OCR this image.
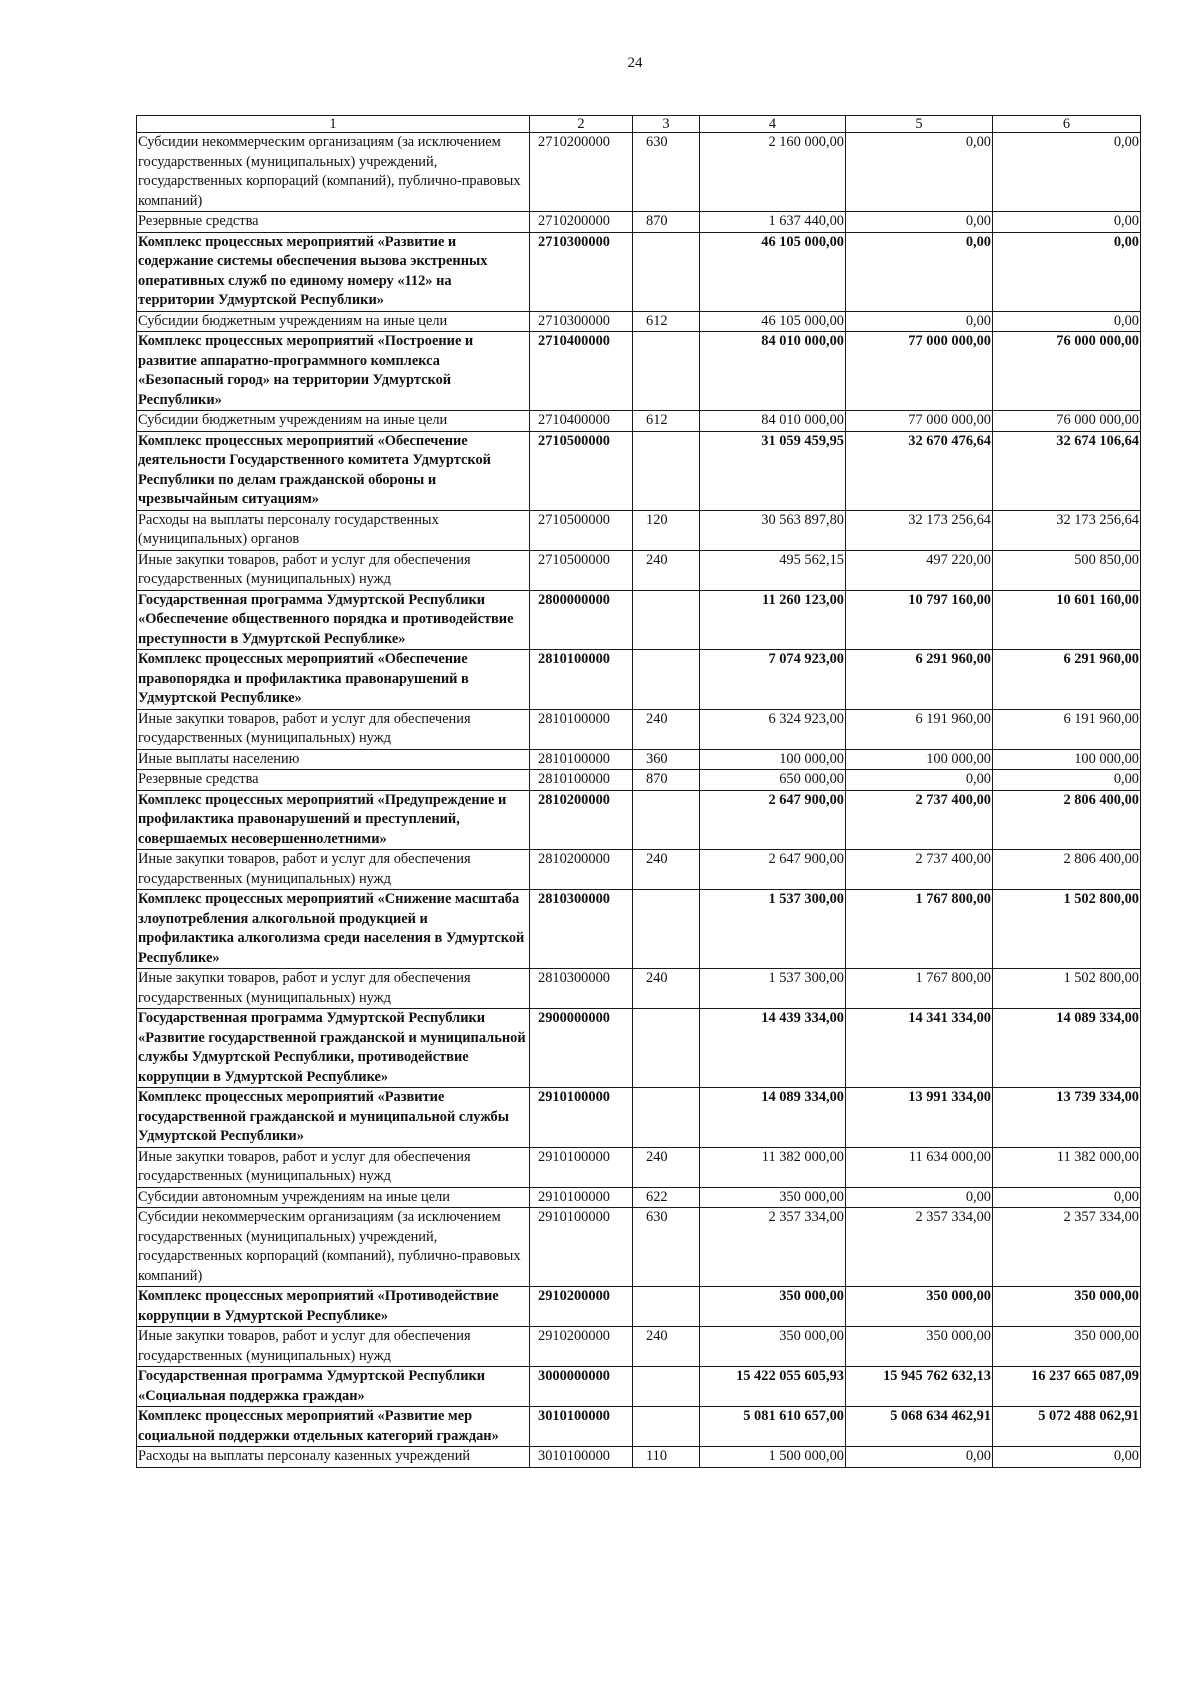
24
1	2	3	4	5	6
Субсидии некоммерческим организациям (за исключением государственных (муниципальных) учреждений, государственных корпораций (компаний), публично-правовых компаний)	2710200000	630	2 160 000,00	0,00	0,00
Резервные средства	2710200000	870	1 637 440,00	0,00	0,00
Комплекс процессных мероприятий «Развитие и содержание системы обеспечения вызова экстренных оперативных служб по единому номеру «112» на территории Удмуртской Республики»	2710300000		46 105 000,00	0,00	0,00
Субсидии бюджетным учреждениям на иные цели	2710300000	612	46 105 000,00	0,00	0,00
Комплекс процессных мероприятий «Построение и развитие аппаратно-программного комплекса «Безопасный город» на территории Удмуртской Республики»	2710400000		84 010 000,00	77 000 000,00	76 000 000,00
Субсидии бюджетным учреждениям на иные цели	2710400000	612	84 010 000,00	77 000 000,00	76 000 000,00
Комплекс процессных мероприятий «Обеспечение деятельности Государственного комитета Удмуртской Республики по делам гражданской обороны и чрезвычайным ситуациям»	2710500000		31 059 459,95	32 670 476,64	32 674 106,64
Расходы на выплаты персоналу государственных (муниципальных) органов	2710500000	120	30 563 897,80	32 173 256,64	32 173 256,64
Иные закупки товаров, работ и услуг для обеспечения государственных (муниципальных) нужд	2710500000	240	495 562,15	497 220,00	500 850,00
Государственная программа Удмуртской Республики «Обеспечение общественного порядка и противодействие преступности в Удмуртской Республике»	2800000000		11 260 123,00	10 797 160,00	10 601 160,00
Комплекс процессных мероприятий «Обеспечение правопорядка и профилактика правонарушений в Удмуртской Республике»	2810100000		7 074 923,00	6 291 960,00	6 291 960,00
Иные закупки товаров, работ и услуг для обеспечения государственных (муниципальных) нужд	2810100000	240	6 324 923,00	6 191 960,00	6 191 960,00
Иные выплаты населению	2810100000	360	100 000,00	100 000,00	100 000,00
Резервные средства	2810100000	870	650 000,00	0,00	0,00
Комплекс процессных мероприятий «Предупреждение и профилактика правонарушений и преступлений, совершаемых несовершеннолетними»	2810200000		2 647 900,00	2 737 400,00	2 806 400,00
Иные закупки товаров, работ и услуг для обеспечения государственных (муниципальных) нужд	2810200000	240	2 647 900,00	2 737 400,00	2 806 400,00
Комплекс процессных мероприятий «Снижение масштаба злоупотребления алкогольной продукцией и профилактика алкоголизма среди населения в Удмуртской Республике»	2810300000		1 537 300,00	1 767 800,00	1 502 800,00
Иные закупки товаров, работ и услуг для обеспечения государственных (муниципальных) нужд	2810300000	240	1 537 300,00	1 767 800,00	1 502 800,00
Государственная программа Удмуртской Республики «Развитие государственной гражданской и муниципальной службы Удмуртской Республики, противодействие коррупции в Удмуртской Республике»	2900000000		14 439 334,00	14 341 334,00	14 089 334,00
Комплекс процессных мероприятий «Развитие государственной гражданской и муниципальной службы Удмуртской Республики»	2910100000		14 089 334,00	13 991 334,00	13 739 334,00
Иные закупки товаров, работ и услуг для обеспечения государственных (муниципальных) нужд	2910100000	240	11 382 000,00	11 634 000,00	11 382 000,00
Субсидии автономным учреждениям на иные цели	2910100000	622	350 000,00	0,00	0,00
Субсидии некоммерческим организациям (за исключением государственных (муниципальных) учреждений, государственных корпораций (компаний), публично-правовых компаний)	2910100000	630	2 357 334,00	2 357 334,00	2 357 334,00
Комплекс процессных мероприятий «Противодействие коррупции в Удмуртской Республике»	2910200000		350 000,00	350 000,00	350 000,00
Иные закупки товаров, работ и услуг для обеспечения государственных (муниципальных) нужд	2910200000	240	350 000,00	350 000,00	350 000,00
Государственная программа Удмуртской Республики «Социальная поддержка граждан»	3000000000		15 422 055 605,93	15 945 762 632,13	16 237 665 087,09
Комплекс процессных мероприятий «Развитие мер социальной поддержки отдельных категорий граждан»	3010100000		5 081 610 657,00	5 068 634 462,91	5 072 488 062,91
Расходы на выплаты персоналу казенных учреждений	3010100000	110	1 500 000,00	0,00	0,00
